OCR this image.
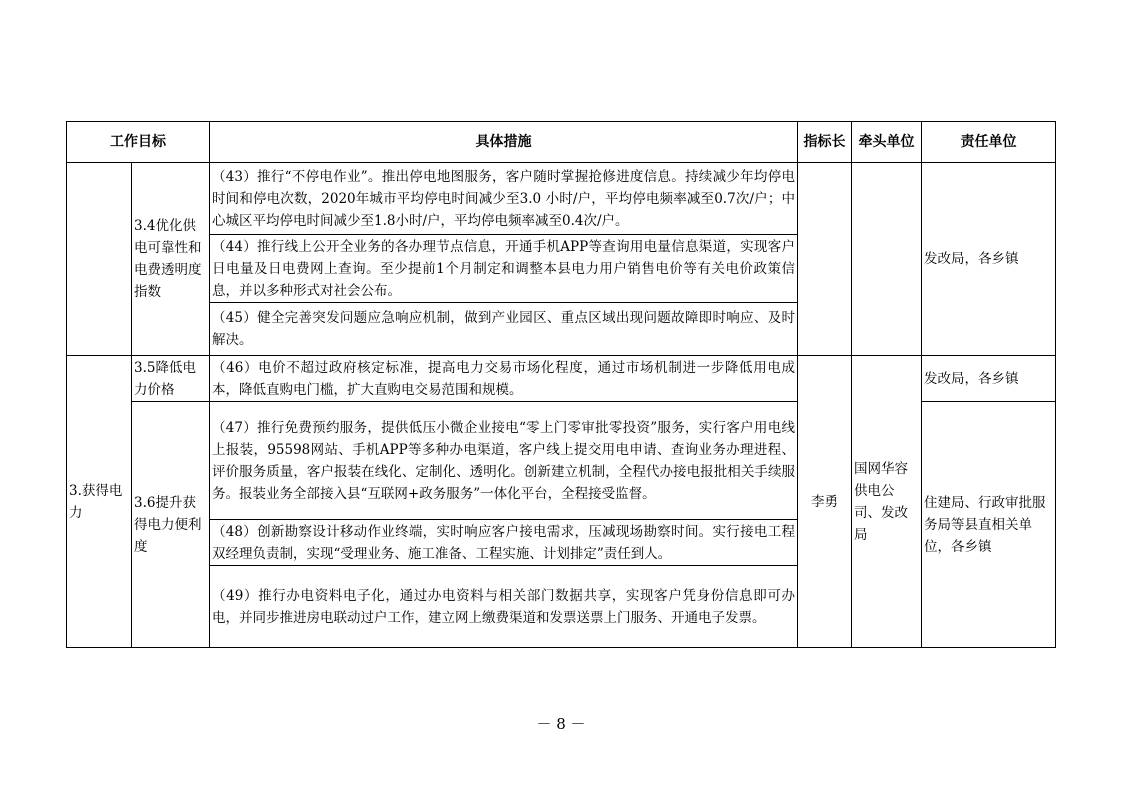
工作目标		具体措施	指标长	牵头单位	责任单位
	3.4优化供电可靠性和电费透明度指数	（43）推行“不停电作业”。推出停电地图服务，客户随时掌握抢修进度信息。持续减少年均停电时间和停电次数，2020年城市平均停电时间减少至3.0 小时/户，平均停电频率减至0.7次/户；中心城区平均停电时间减少至1.8小时/户，平均停电频率减至0.4次/户。			发改局，各乡镇
		（44）推行线上公开全业务的各办理节点信息，开通手机APP等查询用电量信息渠道，实现客户日电量及日电费网上查询。至少提前1个月制定和调整本县电力用户销售电价等有关电价政策信息，并以多种形式对社会公布。			
		（45）健全完善突发问题应急响应机制，做到产业园区、重点区域出现问题故障即时响应、及时解决。			
3.获得电力	3.5降低电力价格	（46）电价不超过政府核定标准，提高电力交易市场化程度，通过市场机制进一步降低用电成本，降低直购电门槛，扩大直购电交易范围和规模。	李勇	国网华容供电公司、发改局	发改局，各乡镇
	3.6提升获得电力便利度	（47）推行免费预约服务，提供低压小微企业接电“零上门零审批零投资”服务，实行客户用电线上报装，95598网站、手机APP等多种办电渠道，客户线上提交用电申请、查询业务办理进程、评价服务质量，客户报装在线化、定制化、透明化。创新建立机制，全程代办接电报批相关手续服务。报装业务全部接入县“互联网+政务服务”一体化平台，全程接受监督。			住建局、行政审批服务局等县直相关单位，各乡镇
		（48）创新勘察设计移动作业终端，实时响应客户接电需求，压减现场勘察时间。实行接电工程双经理负责制，实现“受理业务、施工准备、工程实施、计划排定”责任到人。			
		（49）推行办电资料电子化，通过办电资料与相关部门数据共享，实现客户凭身份信息即可办电，并同步推进房电联动过户工作，建立网上缴费渠道和发票送票上门服务、开通电子发票。			
－ 8 －
